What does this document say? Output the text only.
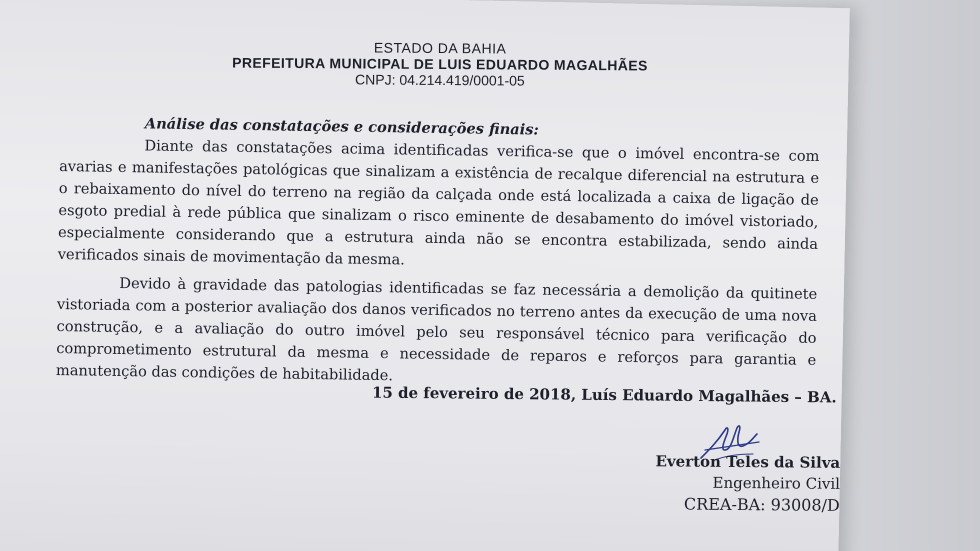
ESTADO DA BAHIA
PREFEITURA MUNICIPAL DE LUIS EDUARDO MAGALHÃES
CNPJ: 04.214.419/0001-05
Análise das constatações e considerações finais:

Diante das constatações acima identificadas verifica-se que o imóvel encontra-se com avarias e manifestações patológicas que sinalizam a existência de recalque diferencial na estrutura e o rebaixamento do nível do terreno na região da calçada onde está localizada a caixa de ligação de esgoto predial à rede pública que sinalizam o risco eminente de desabamento do imóvel vistoriado, especialmente considerando que a estrutura ainda não se encontra estabilizada, sendo ainda verificados sinais de movimentação da mesma.

Devido à gravidade das patologias identificadas se faz necessária a demolição da quitinete vistoriada com a posterior avaliação dos danos verificados no terreno antes da execução de uma nova construção, e a avaliação do outro imóvel pelo seu responsável técnico para verificação do comprometimento estrutural da mesma e necessidade de reparos e reforços para garantia e manutenção das condições de habitabilidade.

15 de fevereiro de 2018, Luís Eduardo Magalhães – BA.
Everton Teles da Silva
Engenheiro Civil
CREA-BA: 93008/D
